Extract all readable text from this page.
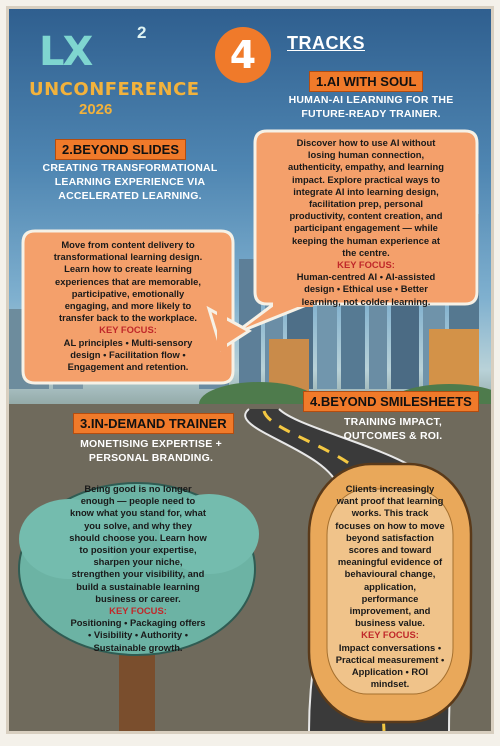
LX	2
UNCONFERENCE
2026
4	TRACKS
1.AI WITH SOUL
HUMAN-AI LEARNING FOR THE
FUTURE-READY TRAINER.
Discover how to use AI without
losing human connection,
authenticity, empathy, and learning
impact. Explore practical ways to
integrate AI into learning design,
facilitation prep, personal
productivity, content creation, and
participant engagement — while
keeping the human experience at
the centre.
KEY FOCUS:
Human-centred AI • AI-assisted
design • Ethical use • Better
learning, not colder learning.
2.BEYOND SLIDES
CREATING TRANSFORMATIONAL
LEARNING EXPERIENCE VIA
ACCELERATED LEARNING.
Move from content delivery to
transformational learning design.
Learn how to create learning
experiences that are memorable,
participative, emotionally
engaging, and more likely to
transfer back to the workplace.
KEY FOCUS:
AL principles • Multi-sensory
design • Facilitation flow •
Engagement and retention.
3.IN-DEMAND TRAINER
MONETISING EXPERTISE +
PERSONAL BRANDING.
Being good is no longer
enough — people need to
know what you stand for, what
you solve, and why they
should choose you. Learn how
to position your expertise,
sharpen your niche,
strengthen your visibility, and
build a sustainable learning
business or career.
KEY FOCUS:
Positioning • Packaging offers
• Visibility • Authority •
Sustainable growth.
4.BEYOND SMILESHEETS
TRAINING IMPACT,
OUTCOMES & ROI.
Clients increasingly
want proof that learning
works. This track
focuses on how to move
beyond satisfaction
scores and toward
meaningful evidence of
behavioural change,
application,
performance
improvement, and
business value.
KEY FOCUS:
Impact conversations •
Practical measurement •
Application • ROI
mindset.
